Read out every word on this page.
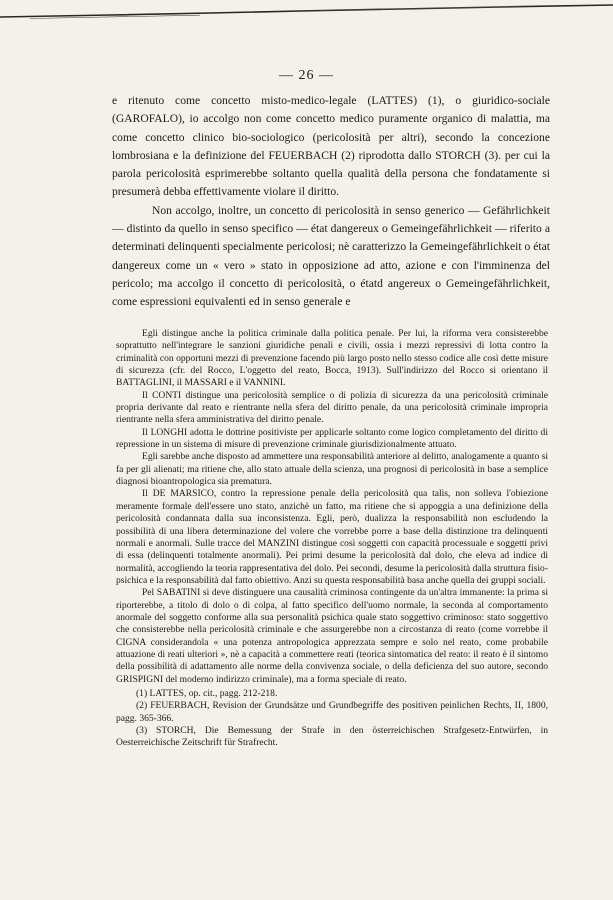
— 26 —

e ritenuto come concetto misto-medico-legale (LATTES) (1), o giuridico-sociale (GAROFALO), io accolgo non come concetto medico puramente organico di malattia, ma come concetto clinico bio-sociologico (pericolosità per altri), secondo la concezione lombrosiana e la definizione del FEUERBACH (2) riprodotta dallo STORCH (3). per cui la parola pericolosità esprimerebbe soltanto quella qualità della persona che fondatamente si presumerà debba effettivamente violare il diritto.

Non accolgo, inoltre, un concetto di pericolosità in senso generico — Gefährlichkeit — distinto da quello in senso specifico — état dangereux o Gemeingefährlichkeit — riferito a determinati delinquenti specialmente pericolosi; nè caratterizzo la Gemeingefährlichkeit o état dangereux come un « vero » stato in opposizione ad atto, azione e con l'imminenza del pericolo; ma accolgo il concetto di pericolosità, o étatd angereux o Gemeingefährlichkeit, come espressioni equivalenti ed in senso generale e

Egli distingue anche la politica criminale dalla politica penale. Per lui, la riforma vera consisterebbe soprattutto nell'integrare le sanzioni giuridiche penali e civili, ossia i mezzi repressivi di lotta contro la criminalità con opportuni mezzi di prevenzione facendo più largo posto nello stesso codice alle così dette misure di sicurezza (cfr. del Rocco, L'oggetto del reato, Bocca, 1913). Sull'indirizzo del Rocco si orientano il BATTAGLINI, il MASSARI e il VANNINI.

Il CONTI distingue una pericolosità semplice o di polizia di sicurezza da una pericolosità criminale propria derivante dal reato e rientrante nella sfera del diritto penale, da una pericolosità criminale impropria rientrante nella sfera amministrativa del diritto penale.

Il LONGHI adotta le dottrine positiviste per applicarle soltanto come logico completamento del diritto di repressione in un sistema di misure di prevenzione criminale giurisdizionalmente attuato.

Egli sarebbe anche disposto ad ammettere una responsabilità anteriore al delitto, analogamente a quanto si fa per gli alienati; ma ritiene che, allo stato attuale della scienza, una prognosi di pericolosità in base a semplice diagnosi bioantropologica sia prematura.

Il DE MARSICO, contro la repressione penale della pericolosità qua talis, non solleva l'obiezione meramente formale dell'essere uno stato, anzichè un fatto, ma ritiene che si appoggia a una definizione della pericolosità condannata dalla sua inconsistenza. Egli, però, dualizza la responsabilità non escludendo la possibilità di una libera determinazione del volere che vorrebbe porre a base della distinzione tra delinquenti normali e anormali. Sulle tracce del MANZINI distingue così soggetti con capacità processuale e soggetti privi di essa (delinquenti totalmente anormali). Pei primi desume la pericolosità dal dolo, che eleva ad indice di normalità, accogliendo la teoria rappresentativa del dolo. Pei secondi, desume la pericolosità dalla struttura fisio-psichica e la responsabilità dal fatto obiettivo. Anzi su questa responsabilità basa anche quella dei gruppi sociali.

Pel SABATINI si deve distinguere una causalità criminosa contingente da un'altra immanente: la prima si riporterebbe, a titolo di dolo o di colpa, al fatto specifico dell'uomo normale, la seconda al comportamento anormale del soggetto conforme alla sua personalità psichica quale stato soggettivo criminoso: stato soggettivo che consisterebbe nella pericolosità criminale e che assurgerebbe non a circostanza di reato (come vorrebbe il CIGNA considerandola « una potenza antropologica apprezzata sempre e solo nel reato, come probabile attuazione di reati ulteriori », nè a capacità a commettere reati (teorica sintomatica del reato: il reato è il sintomo della possibilità di adattamento alle norme della convivenza sociale, o della deficienza del suo autore, secondo GRISPIGNI del moderno indirizzo criminale), ma a forma speciale di reato.

(1) LATTES, op. cit., pagg. 212-218.

(2) FEUERBACH, Revision der Grundsätze und Grundbegriffe des positiven peinlichen Rechts, II, 1800, pagg. 365-366.

(3) STORCH, Die Bemessung der Strafe in den österreichischen Strafgesetz-Entwürfen, in Oesterreichische Zeitschrift für Strafrecht.
